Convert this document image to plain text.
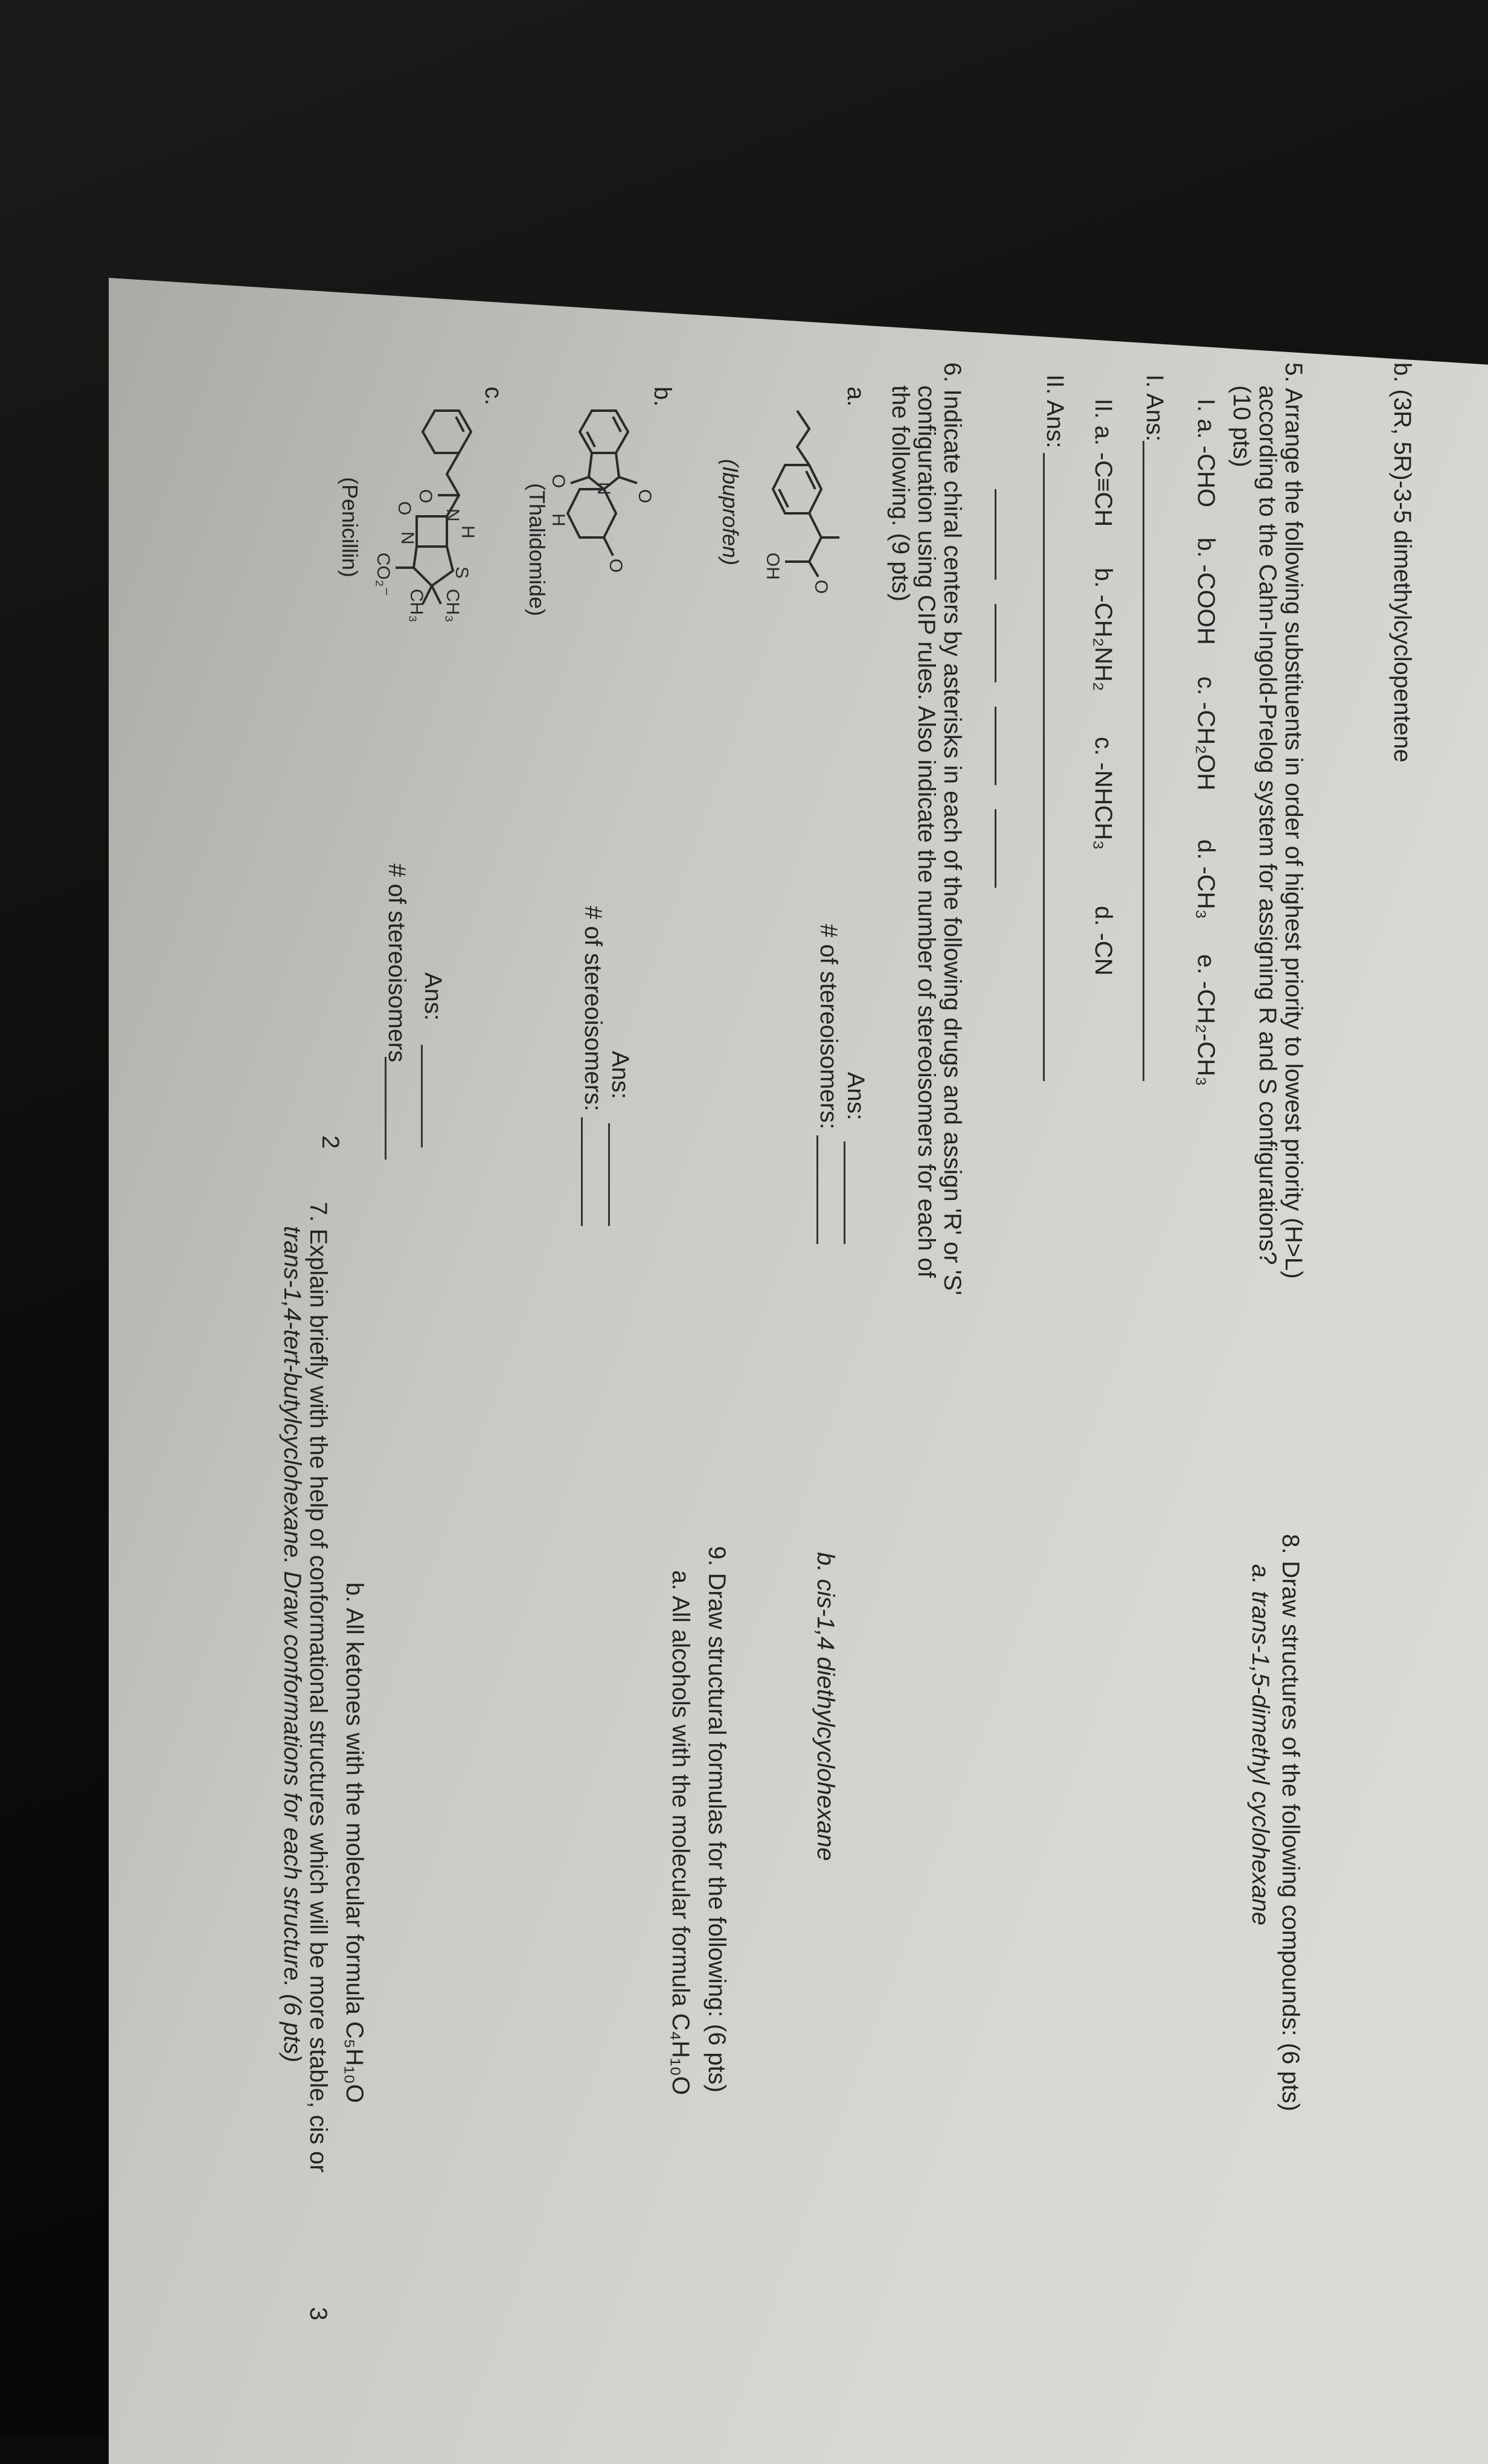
b. (3R, 5R)-3-5 dimethylcyclopentene
5. Arrange the following substituents in order of highest priority to lowest priority (H>L)
according to the Cahn-Ingold-Prelog system for assigning R and S configurations?
(10 pts)
I. a. -CHO
b. -COOH
c. -CH₂OH
d. -CH₃
e. -CH₂-CH₃
I. Ans:
II. a. -C≡CH
b. -CH₂NH₂
c. -NHCH₃
d. -CN
II. Ans:
6. Indicate chiral centers by asterisks in each of the following drugs and assign 'R' or 'S'
configuration using CIP rules. Also indicate the number of stereoisomers for each of
the following. (9 pts)
a.
OH
O
(Ibuprofen)
Ans:
# of stereoisomers:
b.
O
O
N
H
O
(Thalidomide)
Ans:
# of stereoisomers:
c.
H
N
O
O
N
S
CH₃
CH₃
CO₂⁻
(Penicillin)
Ans:
# of stereoisomers
2
7. Explain briefly with the help of conformational structures which will be more stable, cis or
trans-1,4-tert-butylcyclohexane. Draw conformations for each structure. (6 pts)	8. Draw structures of the following compounds: (6 pts)
a. trans-1,5-dimethyl cyclohexane
b. cis-1,4 diethylcyclohexane
9. Draw structural formulas for the following: (6 pts)
a. All alcohols with the molecular formula C₄H₁₀O
b. All ketones with the molecular formula C₅H₁₀O
3
